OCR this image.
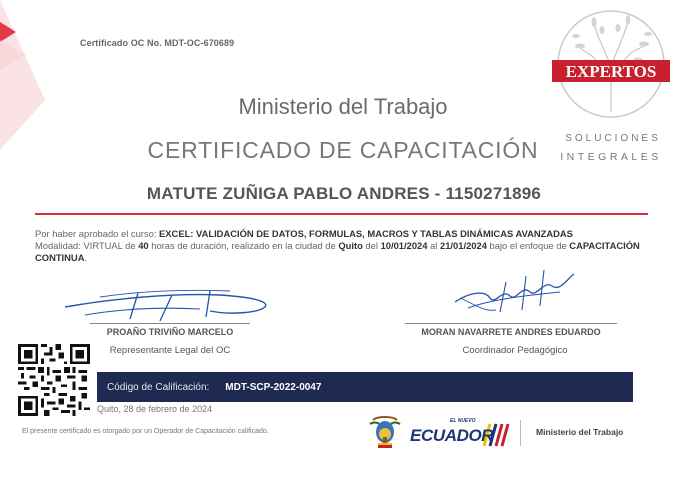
Certificado OC No. MDT-OC-670689
EXPERTOS
SOLUCIONES
INTEGRALES
Ministerio del Trabajo
CERTIFICADO DE CAPACITACIÓN
MATUTE ZUÑIGA PABLO ANDRES - 1150271896
Por haber aprobado el curso: EXCEL: VALIDACIÓN DE DATOS, FORMULAS, MACROS Y TABLAS DINÁMICAS AVANZADAS
Modalidad: VIRTUAL de 40 horas de duración, realizado en la ciudad de Quito del 10/01/2024 al 21/01/2024 bajo el enfoque de CAPACITACIÓN CONTINUA.
PROAÑO TRIVIÑO MARCELO
Representante Legal del OC
MORAN NAVARRETE ANDRES EDUARDO
Coordinador Pedagógico
Código de Calificación: MDT-SCP-2022-0047
Quito, 28 de febrero de 2024
El presente certificado es otorgado por un Operador de Capacitación calificado.
EL NUEVO
ECUADOR	Ministerio del Trabajo
